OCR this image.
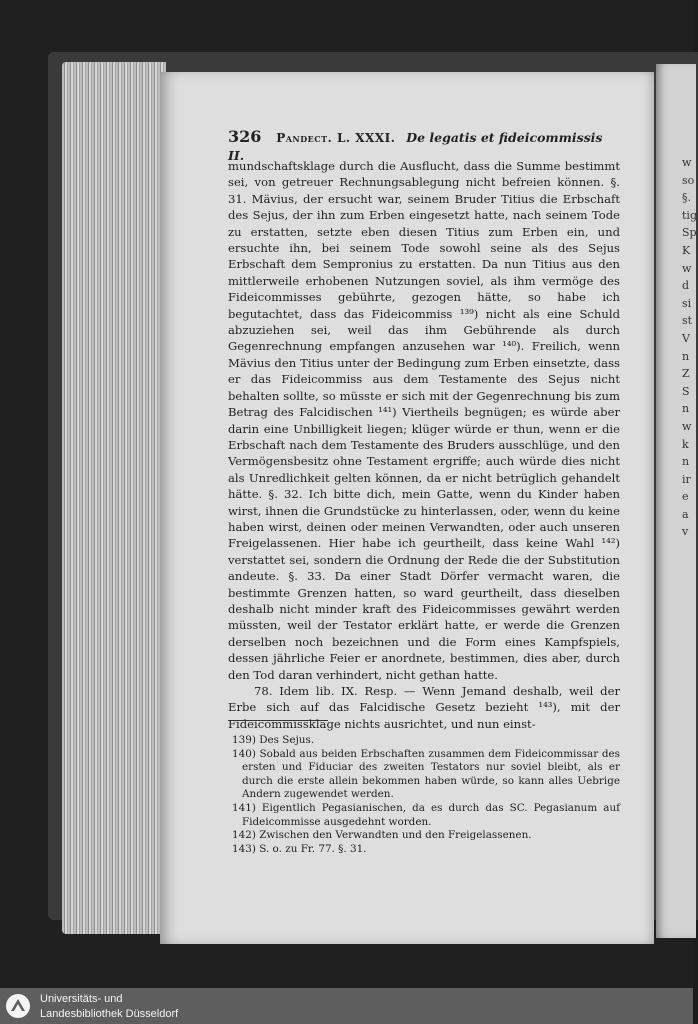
w
so
§.
tig
Sp
K
w
d
si
st
V
n
Z
S
n
w
k
n
ir
e
a
v
326 Pandect. L. XXXI. De legatis et fideicommissis II.

mundschaftsklage durch die Ausflucht, dass die Summe bestimmt sei, von getreuer Rechnungsablegung nicht befreien können. §. 31. Mävius, der ersucht war, seinem Bruder Titius die Erbschaft des Sejus, der ihn zum Erben eingesetzt hatte, nach seinem Tode zu erstatten, setzte eben diesen Titius zum Erben ein, und ersuchte ihn, bei seinem Tode sowohl seine als des Sejus Erbschaft dem Sempronius zu erstatten. Da nun Titius aus den mittlerweile erhobenen Nutzungen soviel, als ihm vermöge des Fideicommisses gebührte, gezogen hätte, so habe ich begutachtet, dass das Fideicommiss ¹³⁹) nicht als eine Schuld abzuziehen sei, weil das ihm Gebührende als durch Gegenrechnung empfangen anzusehen war ¹⁴⁰). Freilich, wenn Mävius den Titius unter der Bedingung zum Erben einsetzte, dass er das Fideicommiss aus dem Testamente des Sejus nicht behalten sollte, so müsste er sich mit der Gegenrechnung bis zum Betrag des Falcidischen ¹⁴¹) Viertheils begnügen; es würde aber darin eine Unbilligkeit liegen; klüger würde er thun, wenn er die Erbschaft nach dem Testamente des Bruders ausschlüge, und den Vermögensbesitz ohne Testament ergriffe; auch würde dies nicht als Unredlichkeit gelten können, da er nicht betrüglich gehandelt hätte. §. 32. Ich bitte dich, mein Gatte, wenn du Kinder haben wirst, ihnen die Grundstücke zu hinterlassen, oder, wenn du keine haben wirst, deinen oder meinen Verwandten, oder auch unseren Freigelassenen. Hier habe ich geurtheilt, dass keine Wahl ¹⁴²) verstattet sei, sondern die Ordnung der Rede die der Substitution andeute. §. 33. Da einer Stadt Dörfer vermacht waren, die bestimmte Grenzen hatten, so ward geurtheilt, dass dieselben deshalb nicht minder kraft des Fideicommisses gewährt werden müssten, weil der Testator erklärt hatte, er werde die Grenzen derselben noch bezeichnen und die Form eines Kampfspiels, dessen jährliche Feier er anordnete, bestimmen, dies aber, durch den Tod daran verhindert, nicht gethan hatte.

78. Idem lib. IX. Resp. — Wenn Jemand deshalb, weil der Erbe sich auf das Falcidische Gesetz bezieht ¹⁴³), mit der Fideicommissklage nichts ausrichtet, und nun einst-

139) Des Sejus.

140) Sobald aus beiden Erbschaften zusammen dem Fideicommissar des ersten und Fiduciar des zweiten Testators nur soviel bleibt, als er durch die erste allein bekommen haben würde, so kann alles Uebrige Andern zugewendet werden.

141) Eigentlich Pegasianischen, da es durch das SC. Pegasianum auf Fideicommisse ausgedehnt worden.

142) Zwischen den Verwandten und den Freigelassenen.

143) S. o. zu Fr. 77. §. 31.

Universitäts- und
Landesbibliothek Düsseldorf
